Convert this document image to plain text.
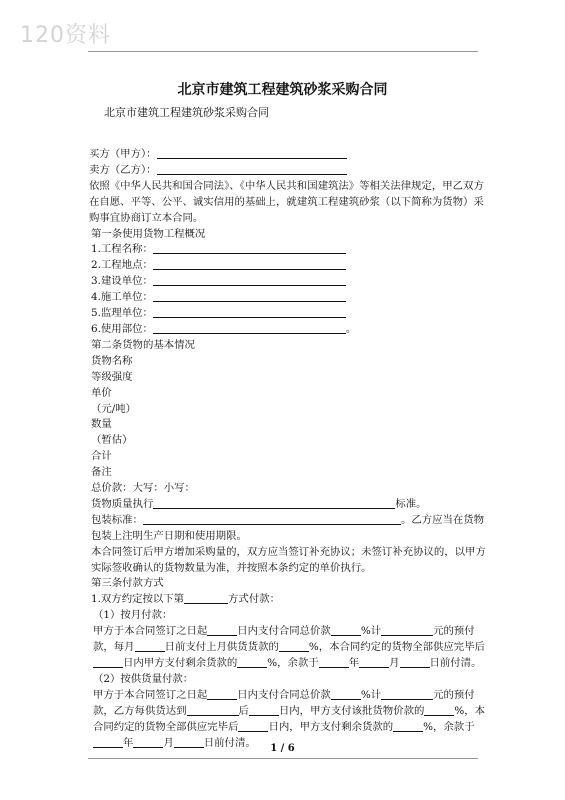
120资料
北京市建筑工程建筑砂浆采购合同
北京市建筑工程建筑砂浆采购合同
买方（甲方）：
卖方（乙方）：
依照《中华人民共和国合同法》、《中华人民共和国建筑法》等相关法律规定，甲乙双方在自愿、平等、公平、诚实信用的基础上，就建筑工程建筑砂浆（以下简称为货物）采购事宜协商订立本合同。
第一条使用货物工程概况
1.工程名称：
2.工程地点：
3.建设单位：
4.施工单位：
5.监理单位：
6.使用部位：	。
第二条货物的基本情况
货物名称
等级强度
单价
（元/吨）
数量
（暂估）
合计
备注
总价款：大写：小写：
货物质量执行	标准。
包装标准：	。乙方应当在货物包装上注明生产日期和使用期限。
本合同签订后甲方增加采购量的，双方应当签订补充协议；未签订补充协议的，以甲方实际签收确认的货物数量为准，并按照本条约定的单价执行。
第三条付款方式
1.双方约定按以下第	方式付款：
（1）按月付款：
甲方于本合同签订之日起	日内支付合同总价款	%计	元的预付款，每月	日前支付上月供货货款的	%，本合同约定的货物全部供应完毕后日内甲方支付剩余货款的	%，余款于	年	月	日前付清。
（2）按供货量付款：
甲方于本合同签订之日起	日内支付合同总价款	%计	元的预付款，乙方每供货达到	后	日内，甲方支付该批货物价款的	%，本合同约定的货物全部供应完毕后	日内，甲方支付剩余货款的	%，余款于年	月	日前付清。	1 / 6
